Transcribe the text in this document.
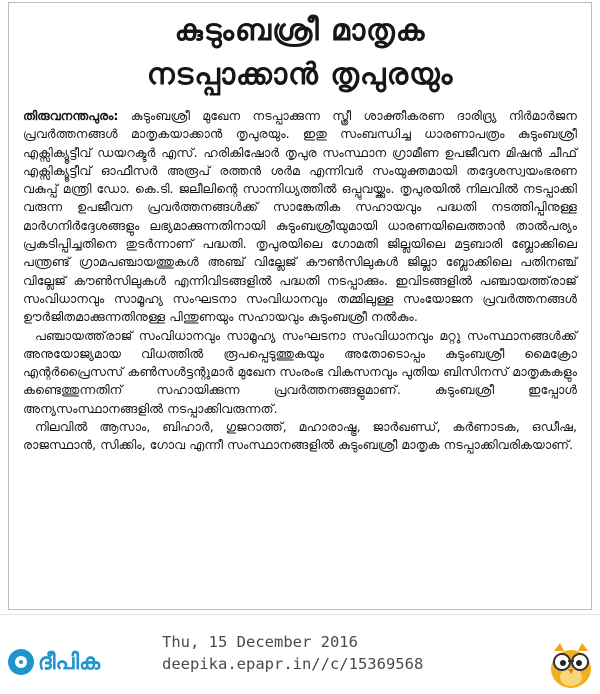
കുടുംബശ്രീ മാതൃക
നടപ്പാക്കാൻ തൃപുരയും

തിരുവനന്തപുരം: കുടുംബശ്രീ മുഖേന നടപ്പാക്കുന്ന സ്ത്രീ ശാക്തീകരണ ദാരിദ്ര്യ നിർമാർജന പ്രവർത്തനങ്ങൾ മാതൃകയാക്കാൻ തൃപുരയും. ഇതു സംബന്ധിച്ച ധാരണാപത്രം കുടുംബശ്രീ എക്സിക്യൂട്ടീവ് ഡയറക്ടർ എസ്. ഹരികിഷോർ തൃപുര സംസ്ഥാന ഗ്രാമീണ ഉപജീവന മിഷൻ ചീഫ് എക്സിക്യൂട്ടീവ് ഓഫീസർ അരൂപ് രത്തൻ ശർമ എന്നിവർ സംയുക്തമായി തദ്ദേശസ്വയംഭരണ വകുപ്പ് മന്ത്രി ഡോ. കെ.ടി. ജലീലിന്റെ സാന്നിധ്യത്തിൽ ഒപ്പുവയ്ക്കും. തൃപുരയിൽ നിലവിൽ നടപ്പാക്കി വരുന്ന ഉപജീവന പ്രവർത്തനങ്ങൾക്ക് സാങ്കേതിക സഹായവും പദ്ധതി നടത്തിപ്പിനുള്ള മാർഗനിർദ്ദേശങ്ങളും ലഭ്യമാക്കുന്നതിനായി കുടുംബശ്രീയുമായി ധാരണയിലെത്താൻ താൽപര്യം പ്രകടിപ്പിച്ചതിനെ തുടർന്നാണ് പദ്ധതി. തൃപുരയിലെ ഗോമതി ജില്ലയിലെ മട്ടബാരി ബ്ലോക്കിലെ പന്ത്രണ്ട് ഗ്രാമപഞ്ചായത്തുകൾ അഞ്ച് വില്ലേജ് കൗൺസിലുകൾ ജില്ലാ ബ്ലോക്കിലെ പതിനഞ്ച് വില്ലേജ് കൗൺസിലുകൾ എന്നിവിടങ്ങളിൽ പദ്ധതി നടപ്പാക്കും. ഇവിടങ്ങളിൽ പഞ്ചായത്ത്‌രാജ് സംവിധാനവും സാമൂഹ്യ സംഘടനാ സംവിധാനവും തമ്മിലുള്ള സംയോജന പ്രവർത്തനങ്ങൾ ഊർജിതമാക്കുന്നതിനുള്ള പിന്തുണയും സഹായവും കുടുംബശ്രീ നൽകും.

പഞ്ചായത്ത്‌രാജ് സംവിധാനവും സാമൂഹ്യ സംഘടനാ സംവിധാനവും മറ്റു സംസ്ഥാനങ്ങൾക്ക് അനുയോജ്യമായ വിധത്തിൽ രൂപപ്പെടുത്തുകയും അതോടൊപ്പം കുടുംബശ്രീ മൈക്രോ എന്റർപ്രൈസസ് കൺസൾട്ടന്റുമാർ മുഖേന സംരംഭ വികസനവും പുതിയ ബിസിനസ് മാതൃകകളും കണ്ടെത്തുന്നതിന് സഹായിക്കുന്ന പ്രവർത്തനങ്ങളുമാണ്. കുടുംബശ്രീ ഇപ്പോൾ അന്യസംസ്ഥാനങ്ങളിൽ നടപ്പാക്കിവരുന്നത്.

നിലവിൽ ആസാം, ബിഹാർ, ഗുജറാത്ത്, മഹാരാഷ്ട്ര, ജാർഖണ്ഡ്, കർണാടക, ഒഡീഷ, രാജസ്ഥാൻ, സിക്കിം, ഗോവ എന്നീ സംസ്ഥാനങ്ങളിൽ കുടുംബശ്രീ മാതൃക നടപ്പാക്കിവരികയാണ്.

ദീപിക
Thu, 15 December 2016
deepika.epapr.in//c/15369568
